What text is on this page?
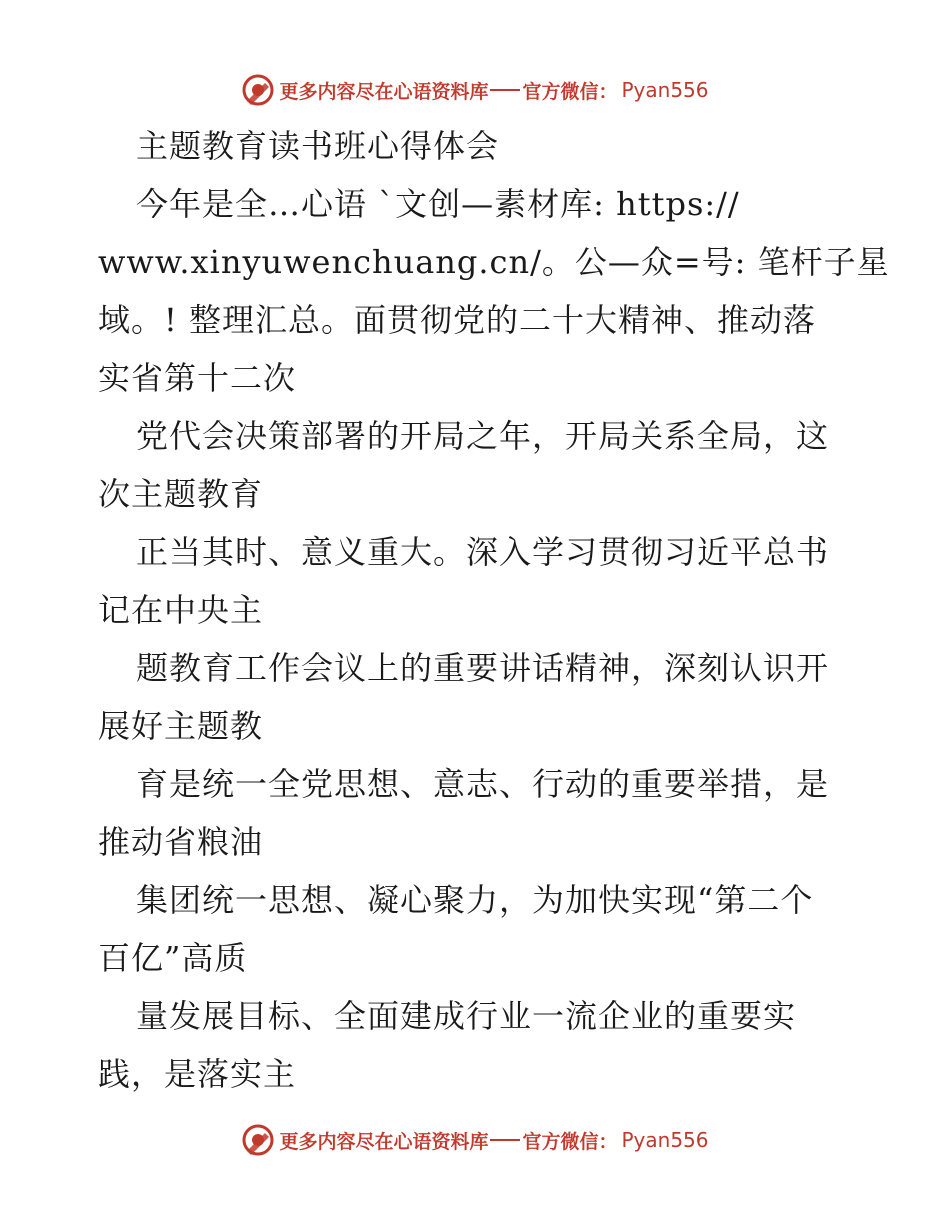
更多内容尽在心语资料库 官方微信： Pyan556
主题教育读书班心得体会
今年是全…心语 `文创—素材库: https://
www.xinyuwenchuang.cn/。公—众=号: 笔杆子星
域。! 整理汇总。面贯彻党的二十大精神、推动落
实省第十二次
党代会决策部署的开局之年，开局关系全局，这
次主题教育
正当其时、意义重大。深入学习贯彻习近平总书
记在中央主
题教育工作会议上的重要讲话精神，深刻认识开
展好主题教
育是统一全党思想、意志、行动的重要举措，是
推动省粮油
集团统一思想、凝心聚力，为加快实现“第二个
百亿”高质
量发展目标、全面建成行业一流企业的重要实
践，是落实主
更多内容尽在心语资料库 官方微信： Pyan556
